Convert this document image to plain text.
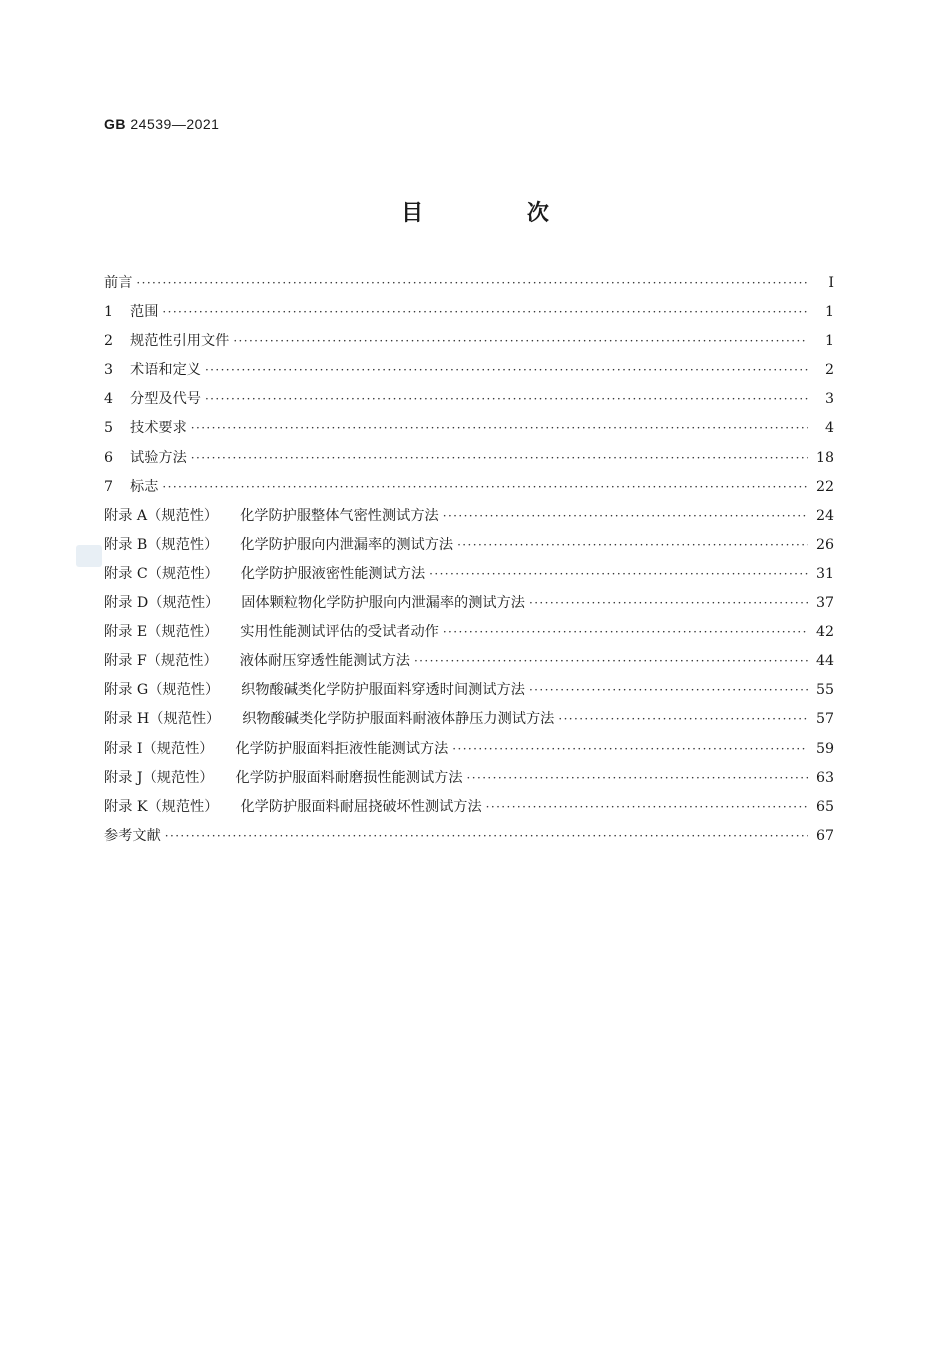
GB 24539—2021
目 次
前言 ·····	I
1 范围 ·····	1
2 规范性引用文件 ·····	1
3 术语和定义 ·····	2
4 分型及代号 ·····	3
5 技术要求 ·····	4
6 试验方法 ·····	18
7 标志 ·····	22
附录 A（规范性） 化学防护服整体气密性测试方法 ·····	24
附录 B（规范性） 化学防护服向内泄漏率的测试方法 ·····	26
附录 C（规范性） 化学防护服液密性能测试方法 ·····	31
附录 D（规范性） 固体颗粒物化学防护服向内泄漏率的测试方法 ·····	37
附录 E（规范性） 实用性能测试评估的受试者动作 ·····	42
附录 F（规范性） 液体耐压穿透性能测试方法 ·····	44
附录 G（规范性） 织物酸碱类化学防护服面料穿透时间测试方法 ·····	55
附录 H（规范性） 织物酸碱类化学防护服面料耐液体静压力测试方法 ·····	57
附录 I（规范性） 化学防护服面料拒液性能测试方法 ·····	59
附录 J（规范性） 化学防护服面料耐磨损性能测试方法 ·····	63
附录 K（规范性） 化学防护服面料耐屈挠破坏性测试方法 ·····	65
参考文献 ·····	67
